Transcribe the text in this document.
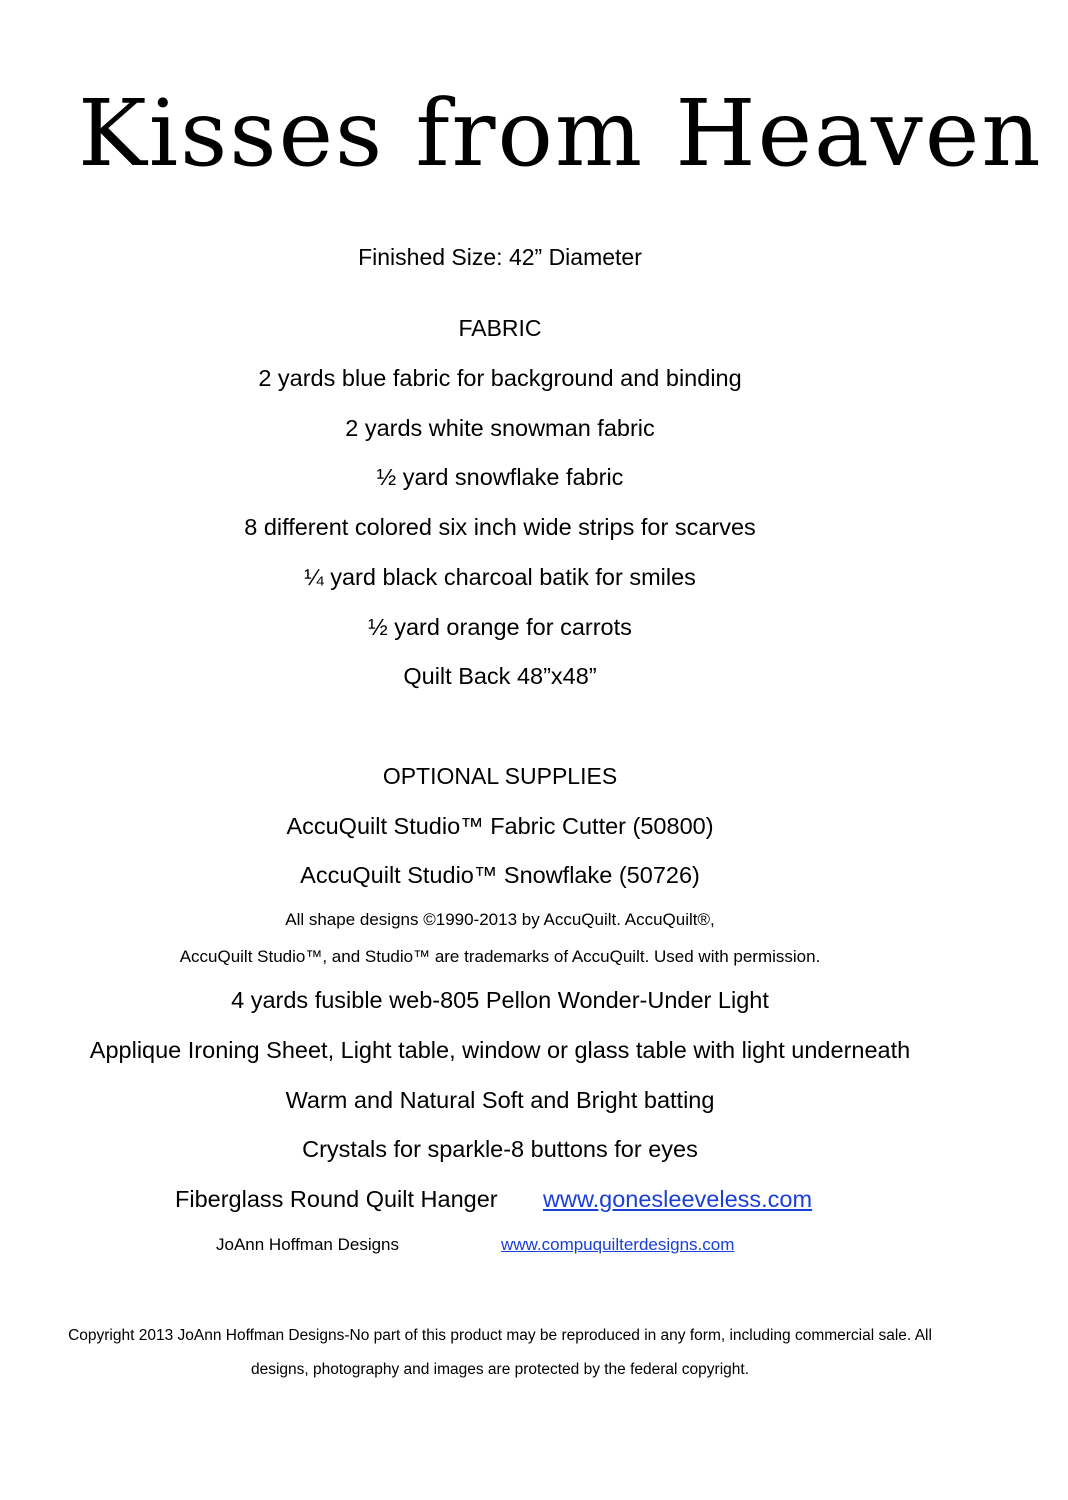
Kisses from Heaven
Finished Size: 42” Diameter
FABRIC
2 yards blue fabric for background and binding
2 yards white snowman fabric
½ yard snowflake fabric
8 different colored six inch wide strips for scarves
¼ yard black charcoal batik for smiles
½ yard orange for carrots
Quilt Back 48”x48”
OPTIONAL SUPPLIES
AccuQuilt Studio™ Fabric Cutter (50800)
AccuQuilt Studio™ Snowflake (50726)
All shape designs ©1990-2013 by AccuQuilt. AccuQuilt®,
AccuQuilt Studio™, and Studio™ are trademarks of AccuQuilt. Used with permission.
4 yards fusible web-805 Pellon Wonder-Under Light
Applique Ironing Sheet, Light table, window or glass table with light underneath
Warm and Natural Soft and Bright batting
Crystals for sparkle-8 buttons for eyes
Fiberglass Round Quilt Hanger www.gonesleeveless.com
JoAnn Hoffman Designs	www.compuquilterdesigns.com
Copyright 2013 JoAnn Hoffman Designs-No part of this product may be reproduced in any form, including commercial sale. All
designs, photography and images are protected by the federal copyright.
